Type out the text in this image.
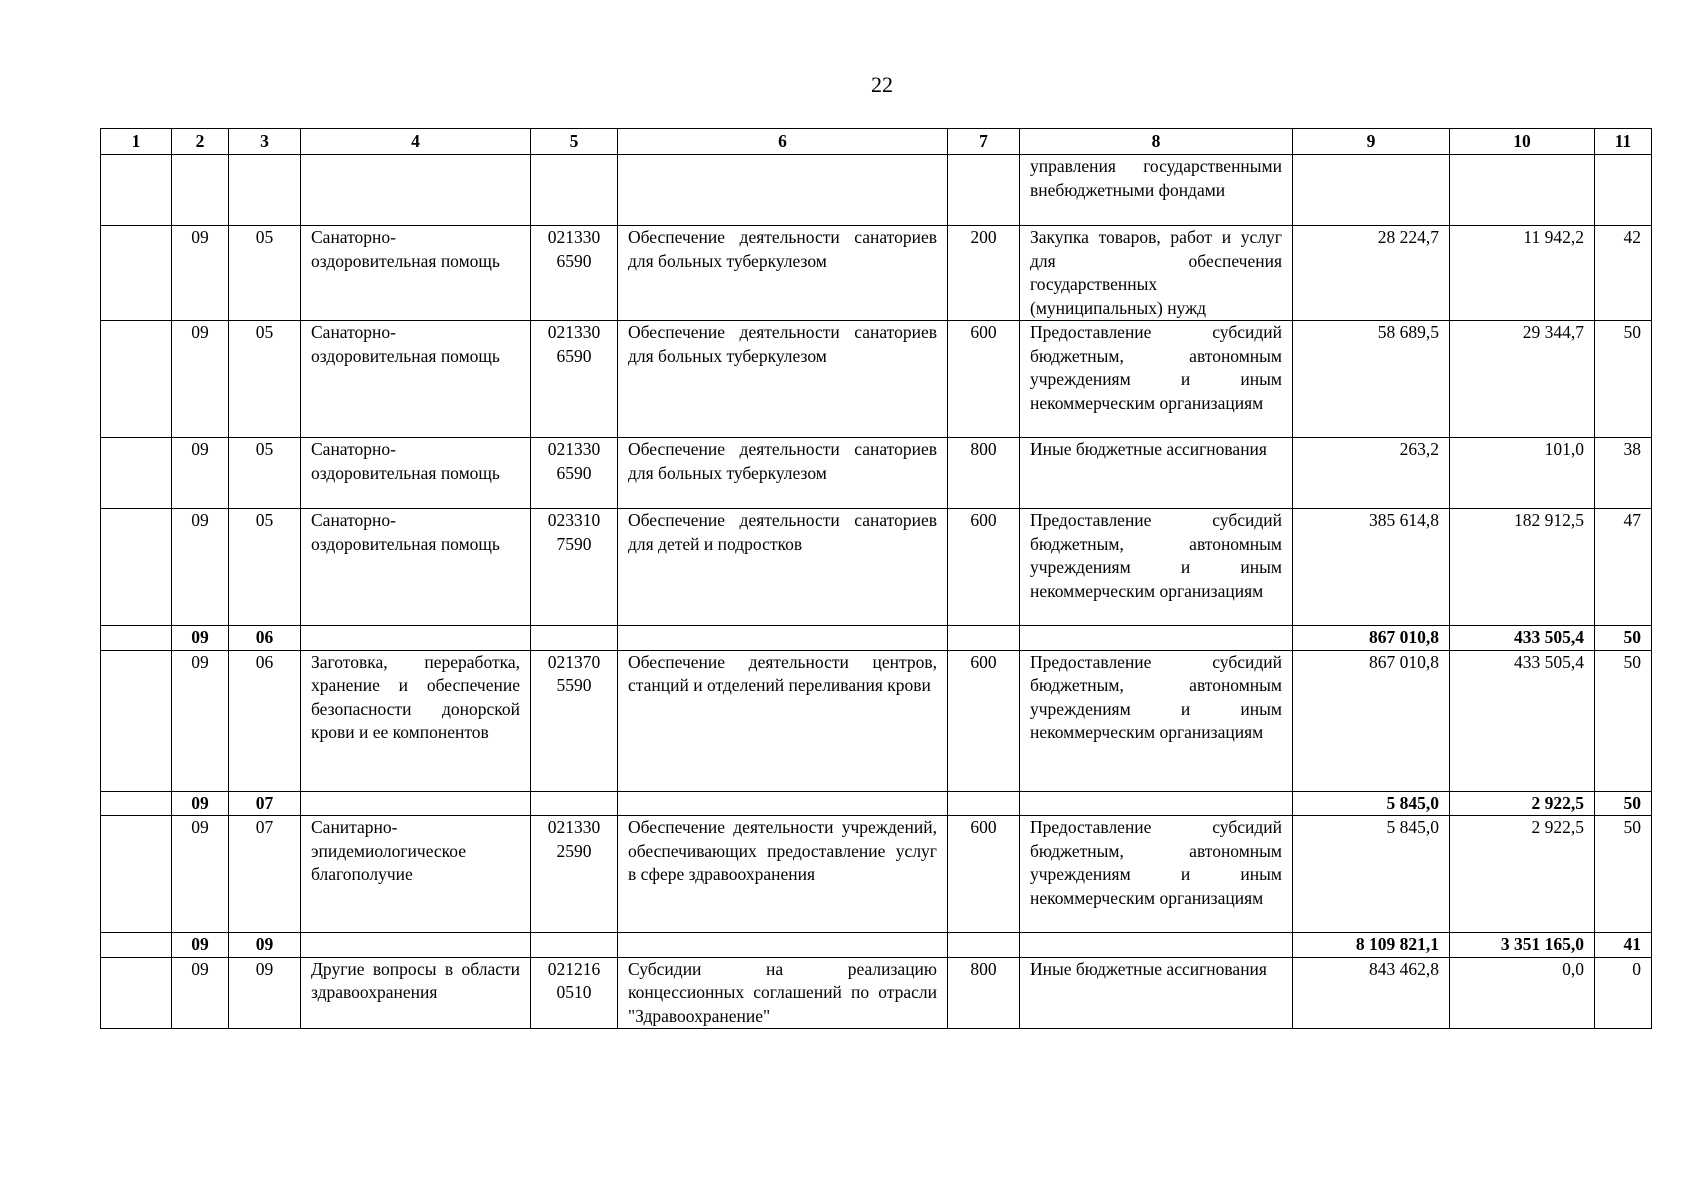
22
1	2	3	4	5	6	7	8	9	10	11
							управления государственными внебюджетными фондами			
	09	05	Санаторно-оздоровительная помощь	021330 6590	Обеспечение деятельности санаториев для больных туберкулезом	200	Закупка товаров, работ и услуг для обеспечения государственных (муниципальных) нужд	28 224,7	11 942,2	42
	09	05	Санаторно-оздоровительная помощь	021330 6590	Обеспечение деятельности санаториев для больных туберкулезом	600	Предоставление субсидий бюджетным, автономным учреждениям и иным некоммерческим организациям	58 689,5	29 344,7	50
	09	05	Санаторно-оздоровительная помощь	021330 6590	Обеспечение деятельности санаториев для больных туберкулезом	800	Иные бюджетные ассигнования	263,2	101,0	38
	09	05	Санаторно-оздоровительная помощь	023310 7590	Обеспечение деятельности санаториев для детей и подростков	600	Предоставление субсидий бюджетным, автономным учреждениям и иным некоммерческим организациям	385 614,8	182 912,5	47
	09	06						867 010,8	433 505,4	50
	09	06	Заготовка, переработка, хранение и обеспечение безопасности донорской крови и ее компонентов	021370 5590	Обеспечение деятельности центров, станций и отделений переливания крови	600	Предоставление субсидий бюджетным, автономным учреждениям и иным некоммерческим организациям	867 010,8	433 505,4	50
	09	07						5 845,0	2 922,5	50
	09	07	Санитарно-эпидемиологическое благополучие	021330 2590	Обеспечение деятельности учреждений, обеспечивающих предоставление услуг в сфере здравоохранения	600	Предоставление субсидий бюджетным, автономным учреждениям и иным некоммерческим организациям	5 845,0	2 922,5	50
	09	09						8 109 821,1	3 351 165,0	41
	09	09	Другие вопросы в области здравоохранения	021216 0510	Субсидии на реализацию концессионных соглашений по отрасли "Здравоохранение"	800	Иные бюджетные ассигнования	843 462,8	0,0	0
